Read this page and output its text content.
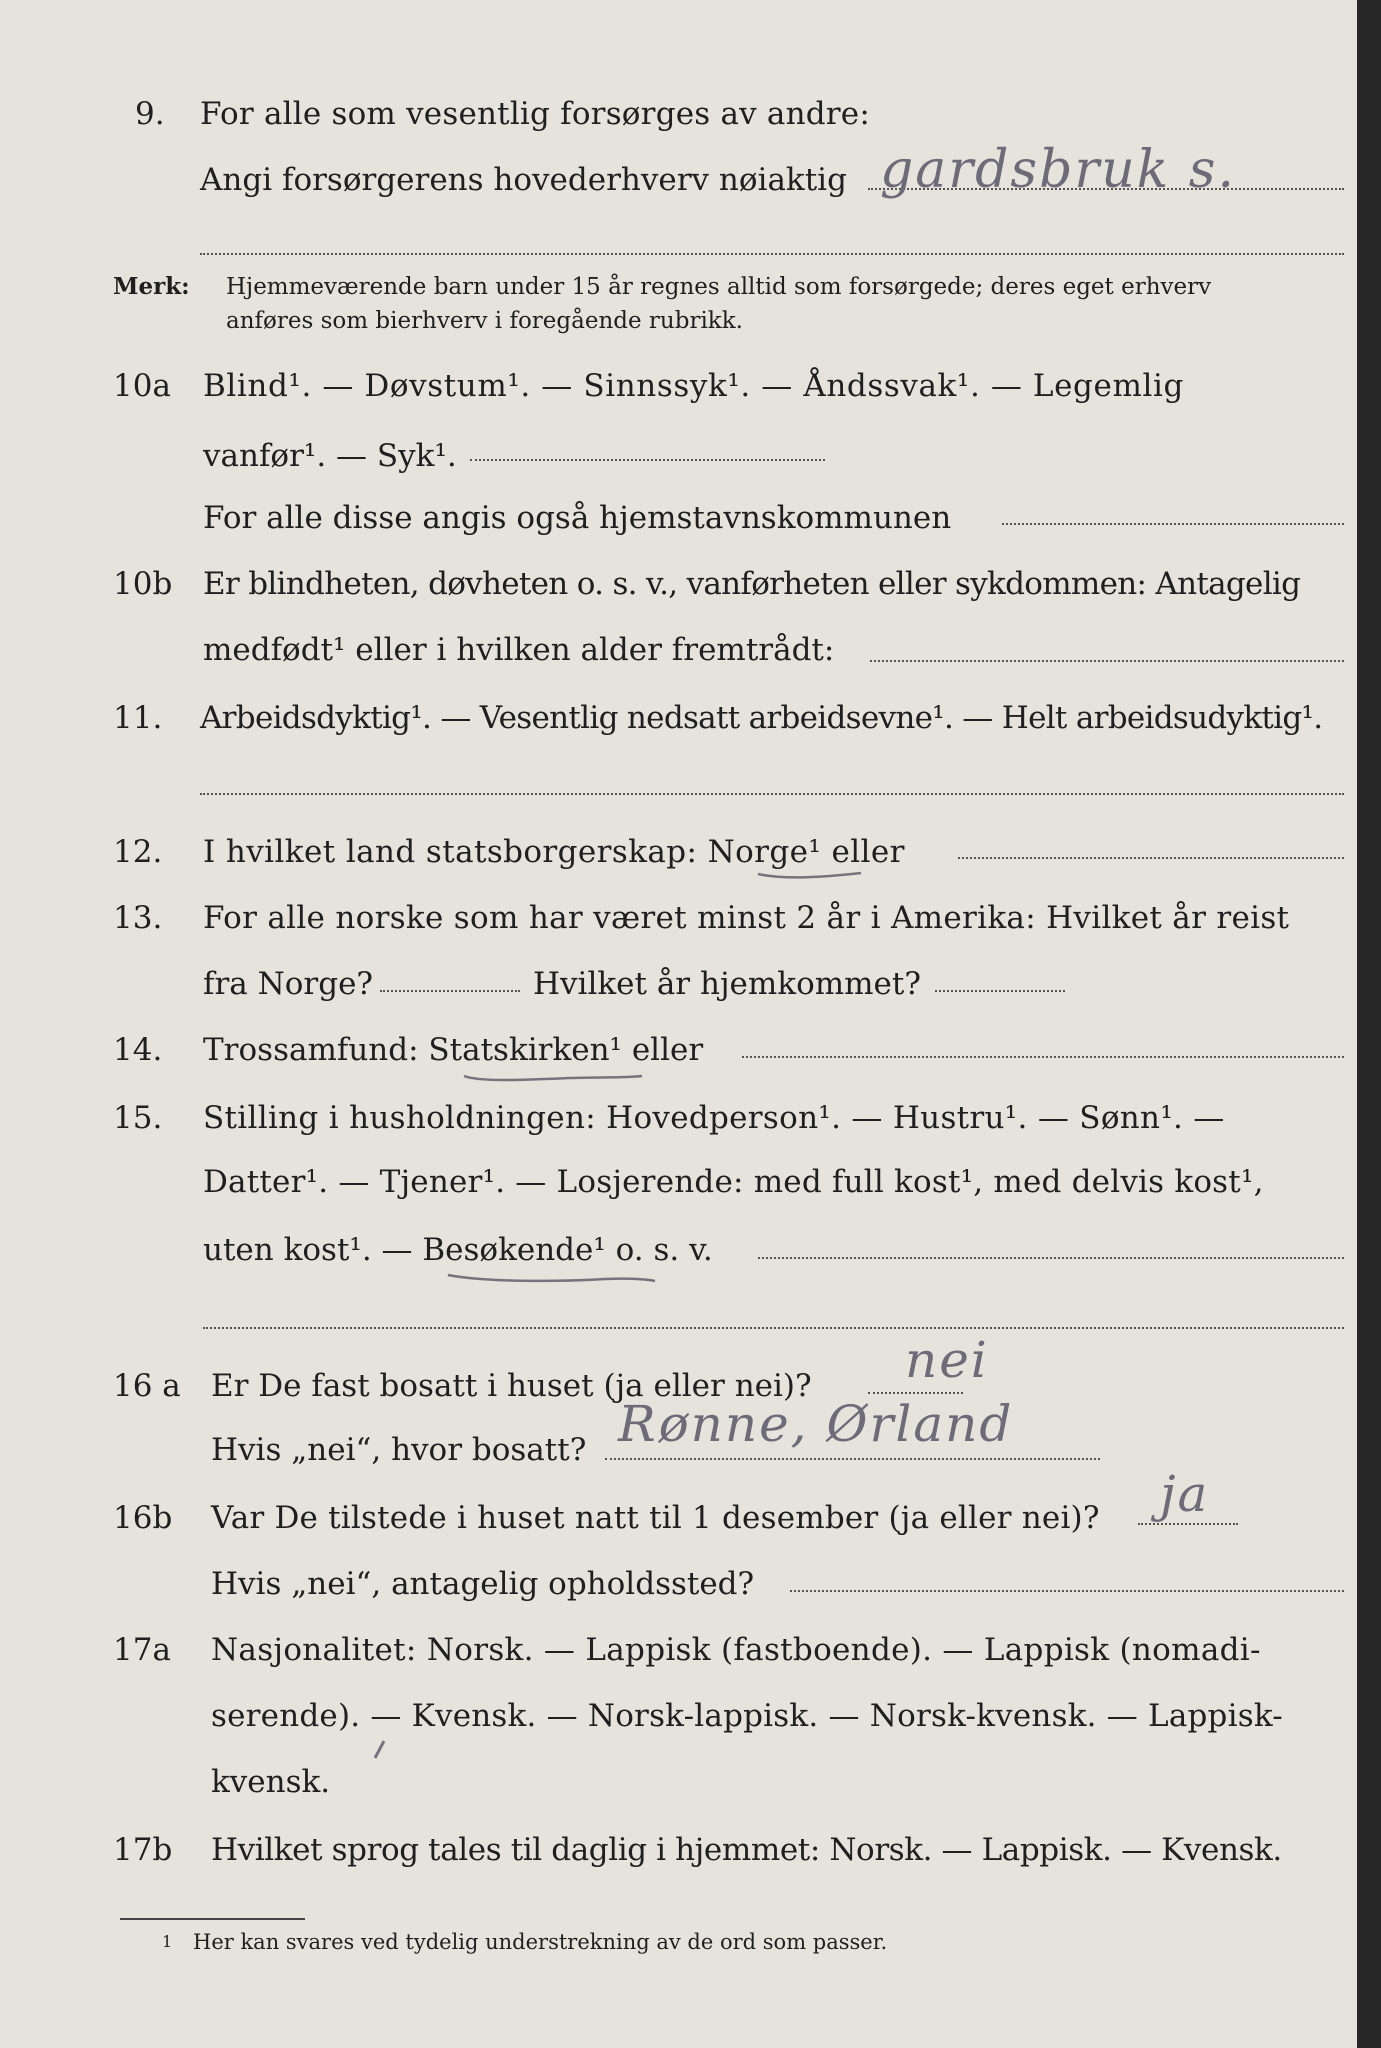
9. For alle som vesentlig forsørges av andre:
Angi forsørgerens hovederhverv nøiaktig gardsbruk s.
Merk: Hjemmeværende barn under 15 år regnes alltid som forsørgede; deres eget erhverv
anføres som bierhverv i foregående rubrikk.
10a Blind¹. — Døvstum¹. — Sinnssyk¹. — Åndssvak¹. — Legemlig
vanfør¹. — Syk¹.
For alle disse angis også hjemstavnskommunen
10b Er blindheten, døvheten o. s. v., vanførheten eller sykdommen: Antagelig
medfødt¹ eller i hvilken alder fremtrådt:
11. Arbeidsdyktig¹. — Vesentlig nedsatt arbeidsevne¹. — Helt arbeidsudyktig¹.
12. I hvilket land statsborgerskap: Norge¹ eller
13. For alle norske som har været minst 2 år i Amerika: Hvilket år reist
fra Norge?	Hvilket år hjemkommet?
14. Trossamfund: Statskirken¹ eller
15. Stilling i husholdningen: Hovedperson¹. — Hustru¹. — Sønn¹. —
Datter¹. — Tjener¹. — Losjerende: med full kost¹, med delvis kost¹,
uten kost¹. — Besøkende¹ o. s. v.
16 a Er De fast bosatt i huset (ja eller nei)? nei
Hvis „nei“, hvor bosatt? Rønne, Ørland
16b Var De tilstede i huset natt til 1 desember (ja eller nei)? ja
Hvis „nei“, antagelig opholdssted?
17a Nasjonalitet: Norsk. — Lappisk (fastboende). — Lappisk (nomadi-
serende). — Kvensk. — Norsk-lappisk. — Norsk-kvensk. — Lappisk-
kvensk.
17b Hvilket sprog tales til daglig i hjemmet: Norsk. — Lappisk. — Kvensk.
1 Her kan svares ved tydelig understrekning av de ord som passer.
